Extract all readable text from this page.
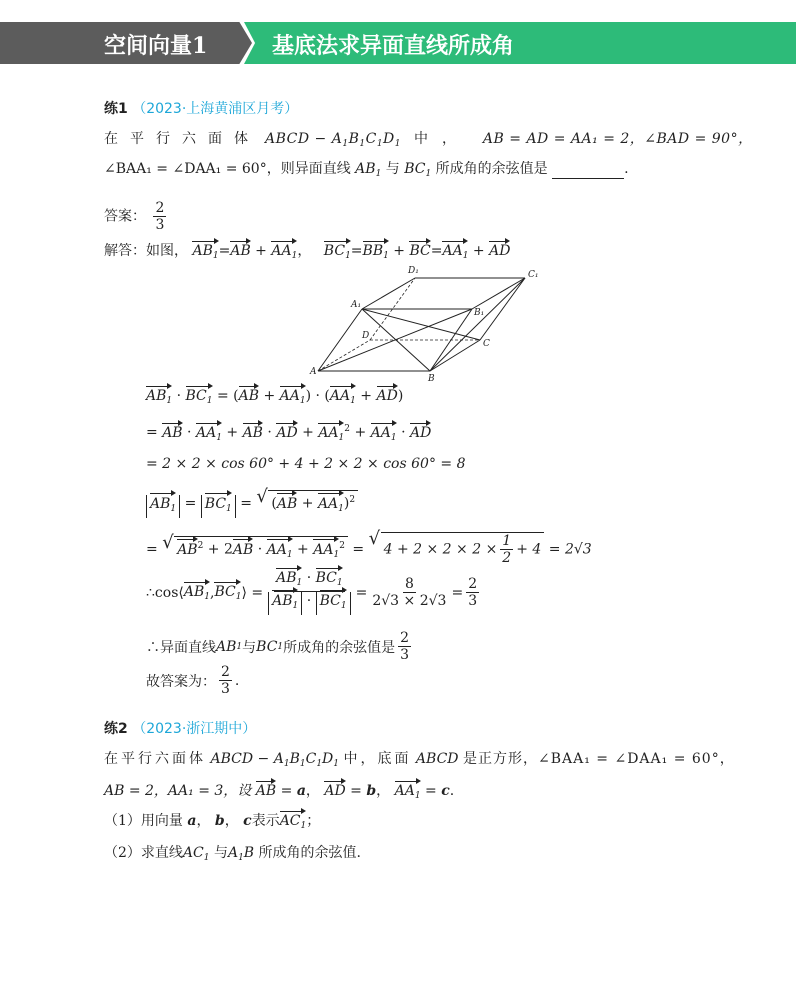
空间向量1	基底法求异面直线所成角
练1 （2023·上海黄浦区月考）
在平行六面体 ABCD − $A_1B_1C_1D_1$ 中， AB = AD = AA₁ = 2，∠BAD = 90°，
∠BAA₁ = ∠DAA₁ = 60°，则异面直线 $AB_1$ 与 $BC_1$ 所成角的余弦值是	.
答案： $\frac{2}{3}$
解答：如图， $AB_1=AB + AA_1$， $BC_1=BB_1 + BC=AA_1$ + AD
D₁	C₁
A₁
B₁
D
C
A
B
$AB_1 \cdot BC_1 = (AB + AA_1) \cdot (AA_1 + AD)$
= AB · $AA_1$ + AB · AD + $AA_1^2 + AA_1$ · AD
= 2 × 2 × cos 60° + 4 + 2 × 2 × cos 60° = 8
$AB_1 = BC_1$ = √ $(AB + AA_1)^2$
= √ $AB^2 + 2AB \cdot AA_1 + AA_1^2$ = √ $4 + 2 \times 2 \times 2 \times \frac{1}{2} + 4 = 2√3$
∴ cos ⟨ $AB_1$ , $BC_1$ ⟩ = $\frac{AB_1 \cdot BC_1}{AB_1 \cdot BC_1} = \frac{8}{2√3 \times 2√3} = \frac{2}{3}$
∴异面直线 AB 1 与 BC 1 所成角的余弦值是 $\frac{2}{3}$
故答案为： $\frac{2}{3}$ .
练2 （2023·浙江期中）
在平行六面体 ABCD − $A_1B_1C_1D_1$ 中，底面 ABCD 是正方形，∠BAA₁ = ∠DAA₁ = 60°，
AB = 2，AA₁ = 3，设 AB = a， AD = b， $AA_1 = c$.
（1）用向量 a， b， c表示$AC_1$；
（2）求直线$AC_1$ 与$A_1B$ 所成角的余弦值.
